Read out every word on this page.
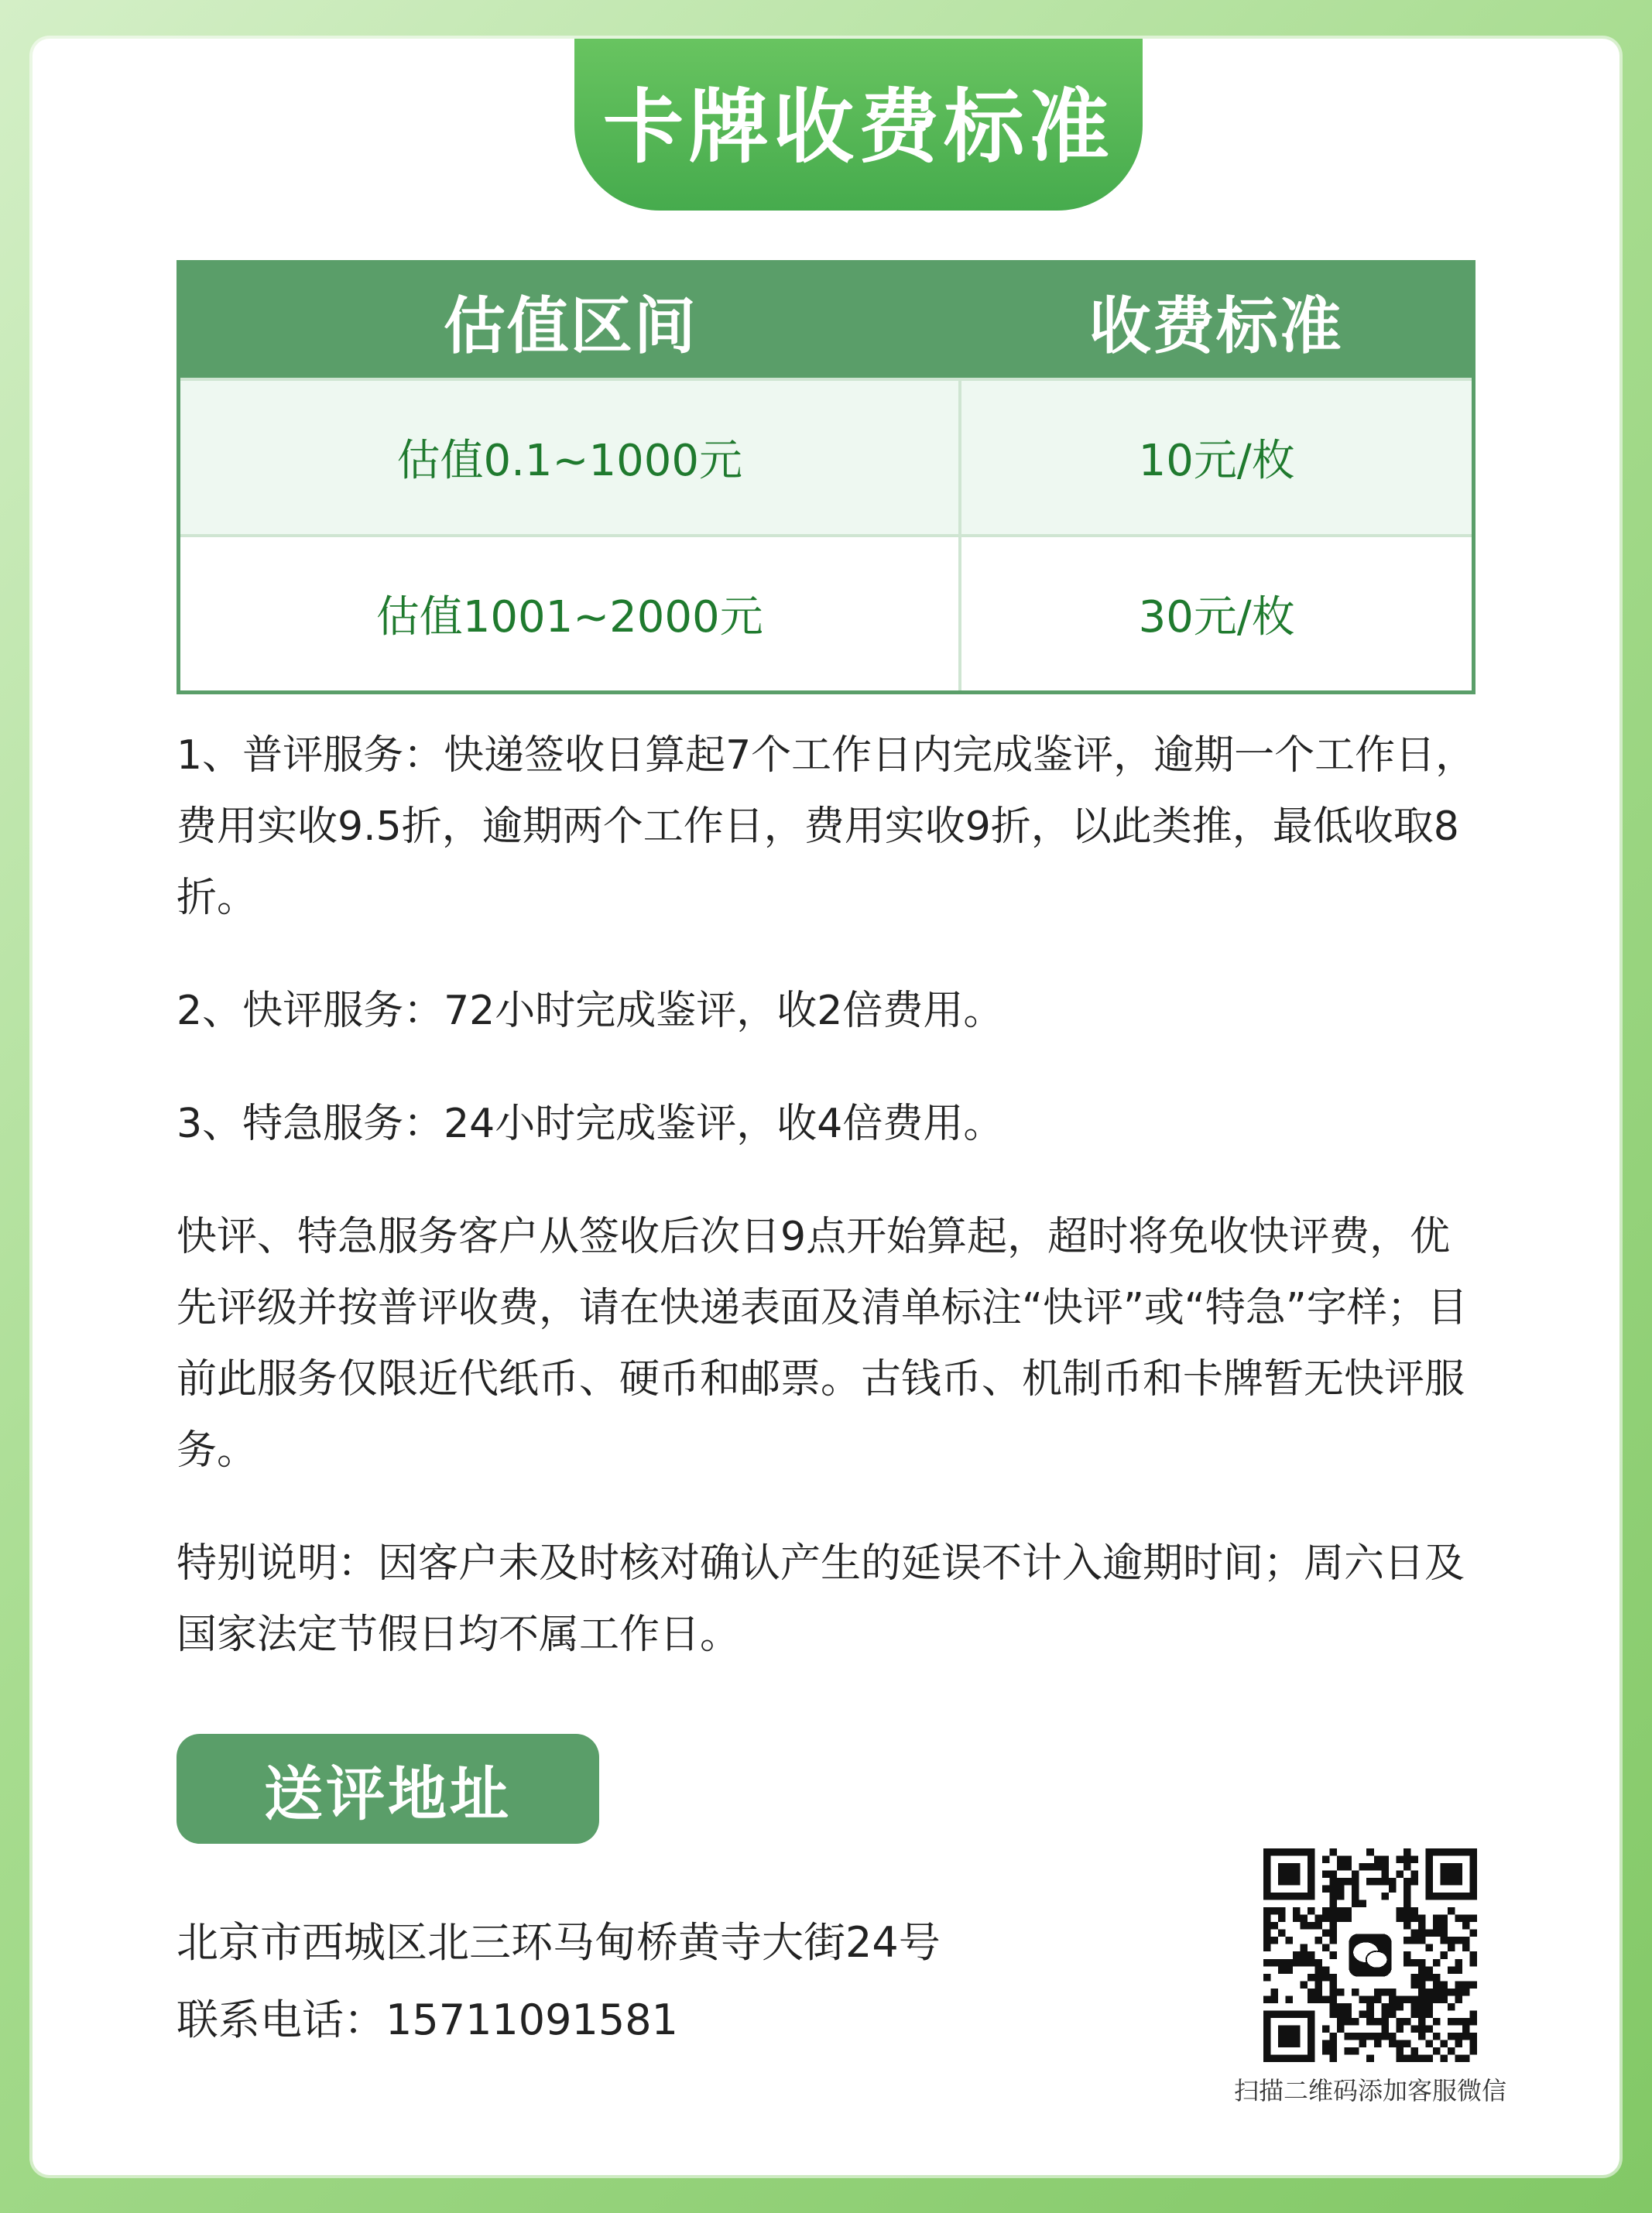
卡牌收费标准
估值区间	收费标准
估值0.1~1000元	10元/枚
估值1001~2000元	30元/枚

1、普评服务：快递签收日算起7个工作日内完成鉴评，逾期一个工作日，费用实收9.5折，逾期两个工作日，费用实收9折，以此类推，最低收取8折。

2、快评服务：72小时完成鉴评，收2倍费用。

3、特急服务：24小时完成鉴评，收4倍费用。

快评、特急服务客户从签收后次日9点开始算起，超时将免收快评费，优先评级并按普评收费，请在快递表面及清单标注“快评”或“特急”字样；目前此服务仅限近代纸币、硬币和邮票。古钱币、机制币和卡牌暂无快评服务。

特别说明：因客户未及时核对确认产生的延误不计入逾期时间；周六日及国家法定节假日均不属工作日。

送评地址
北京市西城区北三环马甸桥黄寺大街24号
联系电话：15711091581
扫描二维码添加客服微信
